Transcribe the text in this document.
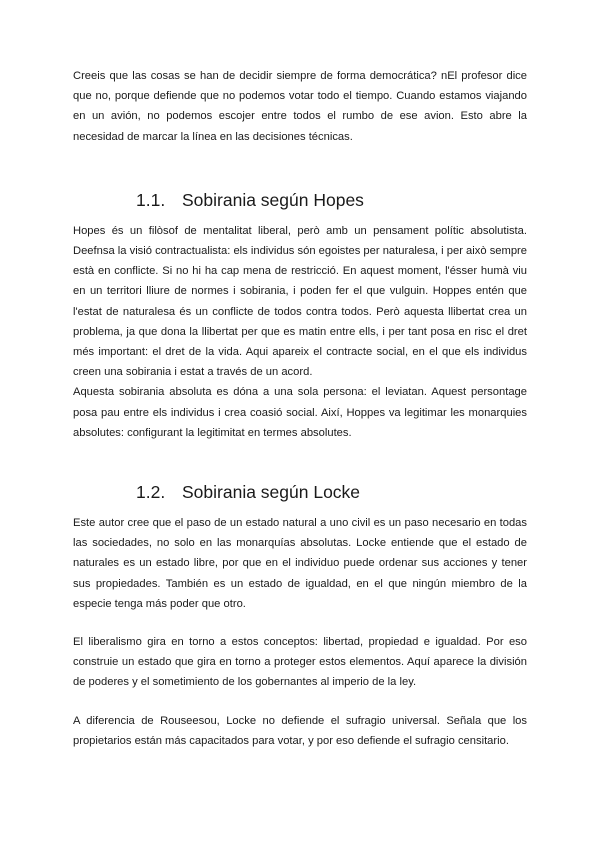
Creeis que las cosas se han de decidir siempre de forma democrática? nEl profesor dice que no, porque defiende que no podemos votar todo el tiempo. Cuando estamos viajando en un avión, no podemos escojer entre todos el rumbo de ese avion. Esto abre la necesidad de marcar la línea en las decisiones técnicas.

1.1. Sobirania según Hopes

Hopes és un filòsof de mentalitat liberal, però amb un pensament polític absolutista. Deefnsa la visió contractualista: els individus són egoistes per naturalesa, i per això sempre està en conflicte. Si no hi ha cap mena de restricció. En aquest moment, l'ésser humà viu en un territori lliure de normes i sobirania, i poden fer el que vulguin. Hoppes entén que l'estat de naturalesa és un conflicte de todos contra todos. Però aquesta llibertat crea un problema, ja que dona la llibertat per que es matin entre ells, i per tant posa en risc el dret més important: el dret de la vida. Aqui apareix el contracte social, en el que els individus creen una sobirania i estat a través de un acord.

Aquesta sobirania absoluta es dóna a una sola persona: el leviatan. Aquest persontage posa pau entre els individus i crea coasió social. Així, Hoppes va legitimar les monarquies absolutes: configurant la legitimitat en termes absolutes.

1.2. Sobirania según Locke

Este autor cree que el paso de un estado natural a uno civil es un paso necesario en todas las sociedades, no solo en las monarquías absolutas. Locke entiende que el estado de naturales es un estado libre, por que en el individuo puede ordenar sus acciones y tener sus propiedades. También es un estado de igualdad, en el que ningún miembro de la especie tenga más poder que otro.

El liberalismo gira en torno a estos conceptos: libertad, propiedad e igualdad. Por eso construie un estado que gira en torno a proteger estos elementos. Aquí aparece la división de poderes y el sometimiento de los gobernantes al imperio de la ley.

A diferencia de Rouseesou, Locke no defiende el sufragio universal. Señala que los propietarios están más capacitados para votar, y por eso defiende el sufragio censitario.
